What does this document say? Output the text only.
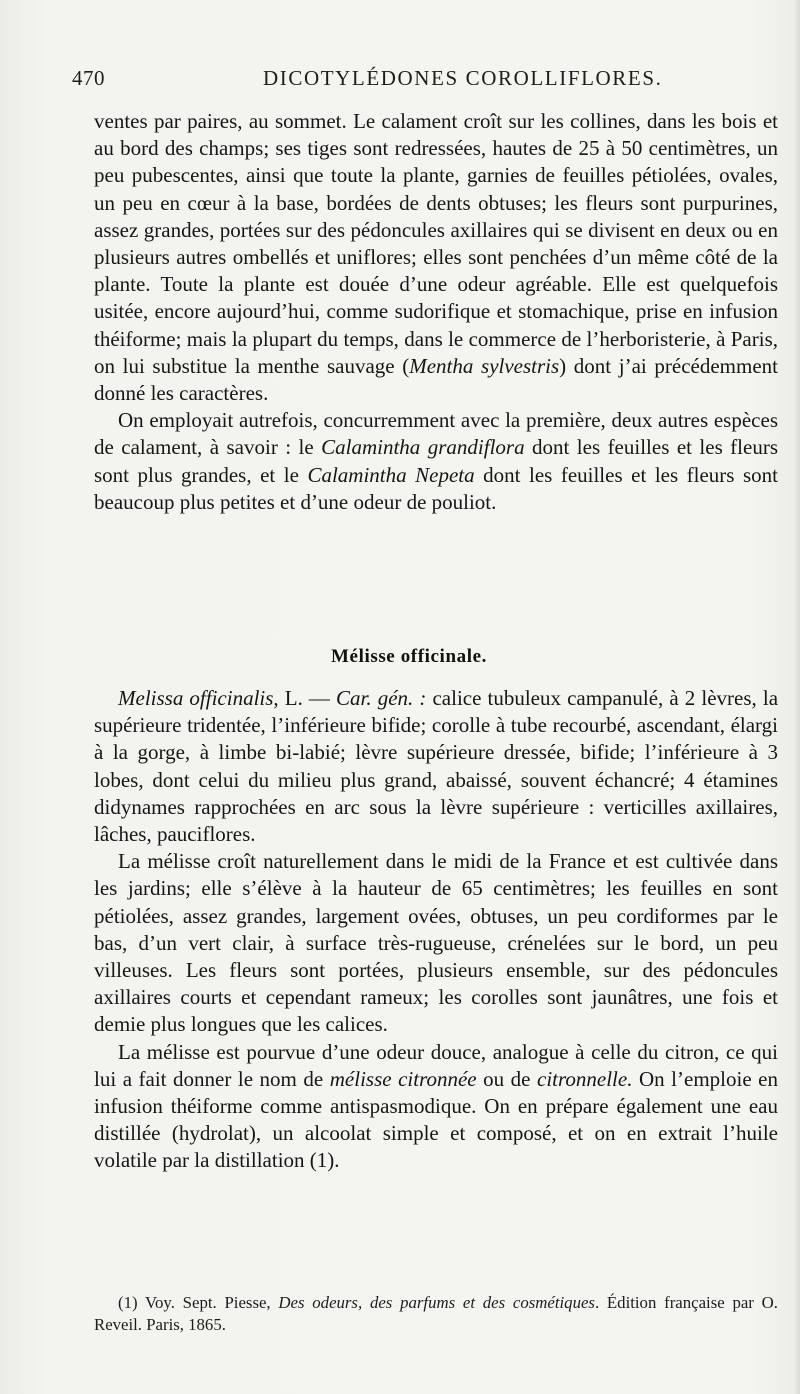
470	DICOTYLÉDONES COROLLIFLORES.

ventes par paires, au sommet. Le calament croît sur les collines, dans les bois et au bord des champs; ses tiges sont redressées, hautes de 25 à 50 centimètres, un peu pubescentes, ainsi que toute la plante, garnies de feuilles pétiolées, ovales, un peu en cœur à la base, bordées de dents obtuses; les fleurs sont purpurines, assez grandes, portées sur des pédoncules axillaires qui se divisent en deux ou en plusieurs autres ombellés et uniflores; elles sont penchées d’un même côté de la plante. Toute la plante est douée d’une odeur agréable. Elle est quelquefois usitée, encore aujourd’hui, comme sudorifique et stomachique, prise en infusion théiforme; mais la plupart du temps, dans le commerce de l’herboristerie, à Paris, on lui substitue la menthe sauvage (Mentha sylvestris) dont j’ai précédemment donné les caractères.

On employait autrefois, concurremment avec la première, deux autres espèces de calament, à savoir : le Calamintha grandiflora dont les feuilles et les fleurs sont plus grandes, et le Calamintha Nepeta dont les feuilles et les fleurs sont beaucoup plus petites et d’une odeur de pouliot.

Mélisse officinale.

Melissa officinalis, L. — Car. gén. : calice tubuleux campanulé, à 2 lèvres, la supérieure tridentée, l’inférieure bifide; corolle à tube recourbé, ascendant, élargi à la gorge, à limbe bi-labié; lèvre supérieure dressée, bifide; l’inférieure à 3 lobes, dont celui du milieu plus grand, abaissé, souvent échancré; 4 étamines didynames rapprochées en arc sous la lèvre supérieure : verticilles axillaires, lâches, pauciflores.

La mélisse croît naturellement dans le midi de la France et est cultivée dans les jardins; elle s’élève à la hauteur de 65 centimètres; les feuilles en sont pétiolées, assez grandes, largement ovées, obtuses, un peu cordiformes par le bas, d’un vert clair, à surface très-rugueuse, crénelées sur le bord, un peu villeuses. Les fleurs sont portées, plusieurs ensemble, sur des pédoncules axillaires courts et cependant rameux; les corolles sont jaunâtres, une fois et demie plus longues que les calices.

La mélisse est pourvue d’une odeur douce, analogue à celle du citron, ce qui lui a fait donner le nom de mélisse citronnée ou de citronnelle. On l’emploie en infusion théiforme comme antispasmodique. On en prépare également une eau distillée (hydrolat), un alcoolat simple et composé, et on en extrait l’huile volatile par la distillation (1).

(1) Voy. Sept. Piesse, Des odeurs, des parfums et des cosmétiques. Édition française par O. Reveil. Paris, 1865.
